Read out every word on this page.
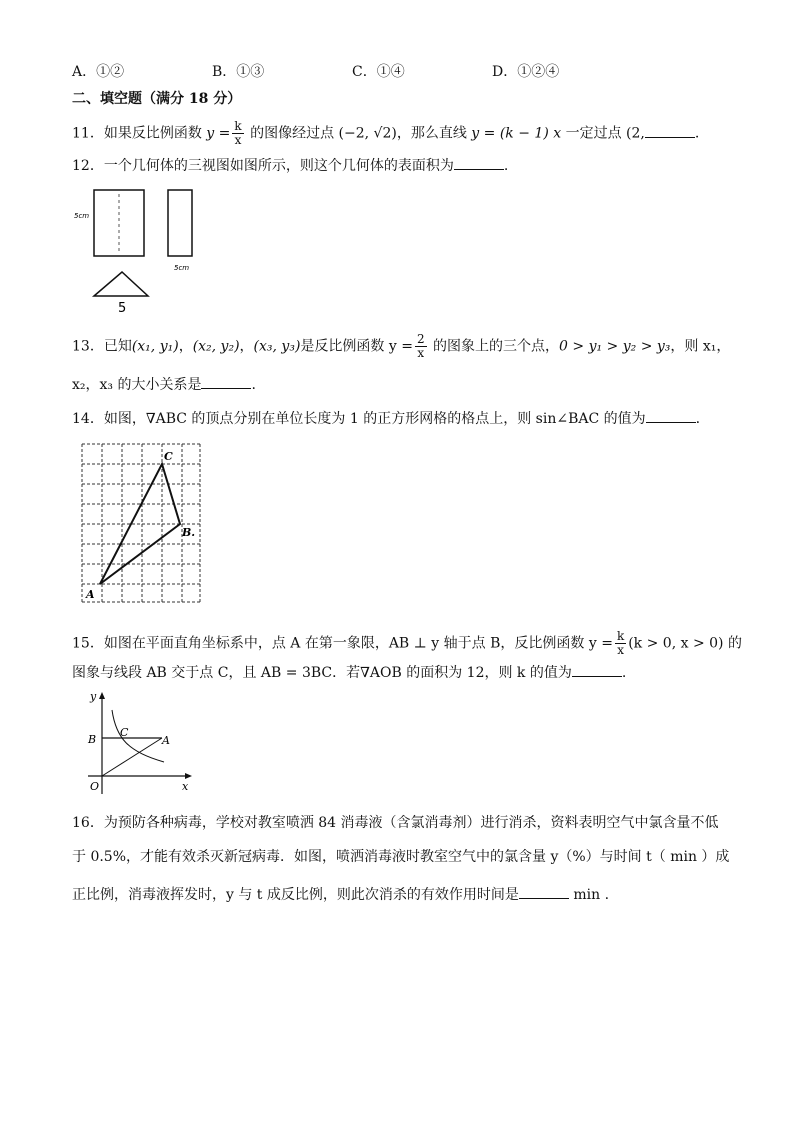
A．①②	B．①③	C．①④	D．①②④
二、填空题（满分 18 分）
11．如果反比例函数 $y = \frac{k}{x}$ 的图像经过点 (−2, √2)，那么直线 y = (k − 1) x 一定过点 (2,	.
12．一个几何体的三视图如图所示，则这个几何体的表面积为	.
5cm
5cm
5
13．已知(x₁, y₁)，(x₂, y₂)，(x₃, y₃)是反比例函数 $y = \frac{2}{x}$ 的图象上的三个点，0 > y₁ > y₂ > y₃，则 x₁，
x₂，x₃ 的大小关系是	.
14．如图，∇ABC 的顶点分别在单位长度为 1 的正方形网格的格点上，则 sin∠BAC 的值为	.
A
B.
C
15．如图在平面直角坐标系中，点 A 在第一象限，AB ⊥ y 轴于点 B，反比例函数 $y = \frac{k}{x} (k > 0$, x > 0) 的
图象与线段 AB 交于点 C，且 AB = 3BC．若∇AOB 的面积为 12，则 k 的值为	.
y
x
O
B
C
A
16．为预防各种病毒，学校对教室喷洒 84 消毒液（含氯消毒剂）进行消杀，资料表明空气中氯含量不低
于 0.5%，才能有效杀灭新冠病毒．如图，喷洒消毒液时教室空气中的氯含量 y（%）与时间 t（ min ）成
正比例，消毒液挥发时，y 与 t 成反比例，则此次消杀的有效作用时间是	min .
